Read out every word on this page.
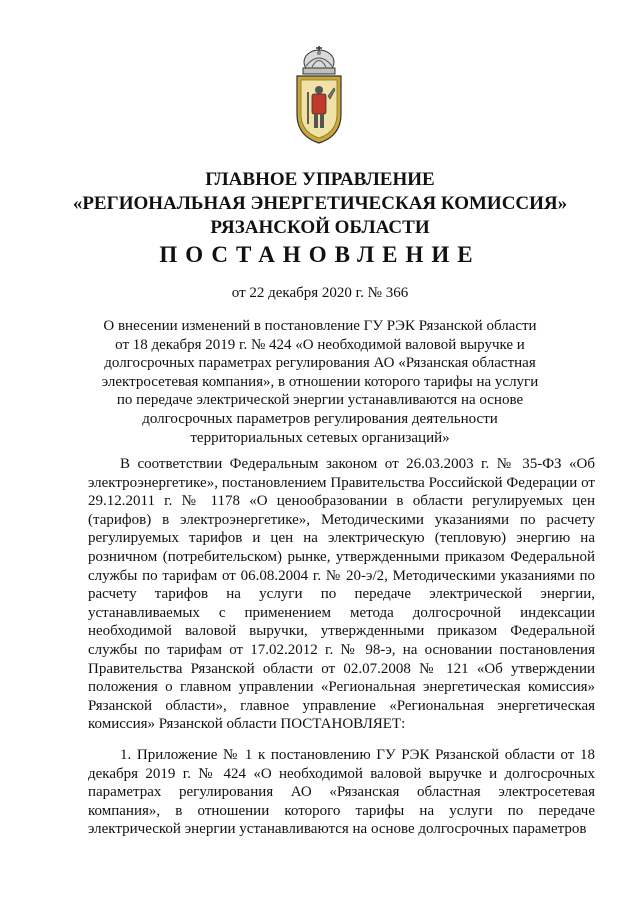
ГЛАВНОЕ УПРАВЛЕНИЕ
«РЕГИОНАЛЬНАЯ ЭНЕРГЕТИЧЕСКАЯ КОМИССИЯ»
РЯЗАНСКОЙ ОБЛАСТИ
ПОСТАНОВЛЕНИЕ
от 22 декабря 2020 г. № 366
О внесении изменений в постановление ГУ РЭК Рязанской области от 18 декабря 2019 г. № 424 «О необходимой валовой выручке и долгосрочных параметрах регулирования АО «Рязанская областная электросетевая компания», в отношении которого тарифы на услуги по передаче электрической энергии устанавливаются на основе долгосрочных параметров регулирования деятельности территориальных сетевых организаций»
В соответствии Федеральным законом от 26.03.2003 г. № 35-ФЗ «Об электроэнергетике», постановлением Правительства Российской Федерации от 29.12.2011 г. № 1178 «О ценообразовании в области регулируемых цен (тарифов) в электроэнергетике», Методическими указаниями по расчету регулируемых тарифов и цен на электрическую (тепловую) энергию на розничном (потребительском) рынке, утвержденными приказом Федеральной службы по тарифам от 06.08.2004 г. № 20-э/2, Методическими указаниями по расчету тарифов на услуги по передаче электрической энергии, устанавливаемых с применением метода долгосрочной индексации необходимой валовой выручки, утвержденными приказом Федеральной службы по тарифам от 17.02.2012 г. № 98-э, на основании постановления Правительства Рязанской области от 02.07.2008 № 121 «Об утверждении положения о главном управлении «Региональная энергетическая комиссия» Рязанской области», главное управление «Региональная энергетическая комиссия» Рязанской области ПОСТАНОВЛЯЕТ:
1. Приложение № 1 к постановлению ГУ РЭК Рязанской области от 18 декабря 2019 г. № 424 «О необходимой валовой выручке и долгосрочных параметрах регулирования АО «Рязанская областная электросетевая компания», в отношении которого тарифы на услуги по передаче электрической энергии устанавливаются на основе долгосрочных параметров
